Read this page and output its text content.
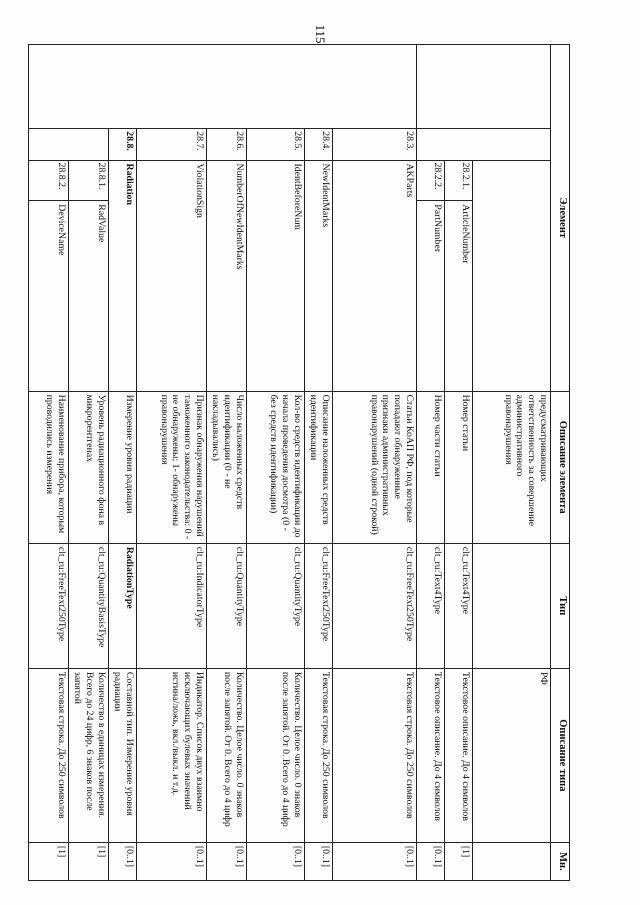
115
Элемент				Описание элемента	Тип	Описание типа	Мн.
				предусматривающих ответственность за совершение административного правонарушения		РФ	
		28.2.1.	ArticleNumber	Номер статьи	clt_ru:Text4Type	Текстовое описание. До 4 символов	[1]
		28.2.2.	PartNumber	Номер части статьи	clt_ru:Text4Type	Текстовое описание. До 4 символов	[0..1]
	28.3.	AKParts		Статьи КоАП РФ, под которые попадают обнаруженные признаки административных правонарушений (одной строкой)	clt_ru:FreeText250Type	Текстовая строка. До 250 символов	[0..1]
	28.4.	NewIdentMarks		Описание наложенных средств идентификации	clt_ru:FreeText250Type	Текстовая строка. До 250 символов	[0..1]
	28.5.	IdentBeforeNum		Кол-во средств идентификации до начала проведения досмотра (0 - без средств идентификации)	clt_ru:QuantityType	Количество. Целое число. 0 знаков после запятой. От 0. Всего до 4 цифр	[0..1]
	28.6.	NumberOfNewIdentMarks		Число наложенных средств идентификации (0 - не накладывались)	clt_ru:QuantityType	Количество. Целое число. 0 знаков после запятой. От 0. Всего до 4 цифр	[0..1]
	28.7.	ViolationSign		Признак обнаружения нарушений таможенного законодательства: 0 - не обнаружены; 1- обнаружены правонарушения	clt_ru:IndicatorType	Индикатор. Список двух взаимно исключающих булевых значений истина/ложь, вкл./выкл. и т.д.	[0..1]
	28.8.	Radiation		Измерение уровня радиации	RadiationType	Составной тип. Измерение уровня радиации	[0..1]
		28.8.1.	RadValue	Уровень радиационного фона в микрорентгенах	clt_ru:QuantityBasisType	Количество в единицах измерения. Всего до 24 цифр, 6 знаков после запятой	[1]
		28.8.2.	DeviceName	Наименование прибора, которым проводились измерения	clt_ru:FreeText250Type	Текстовая строка. До 250 символов	[1]
